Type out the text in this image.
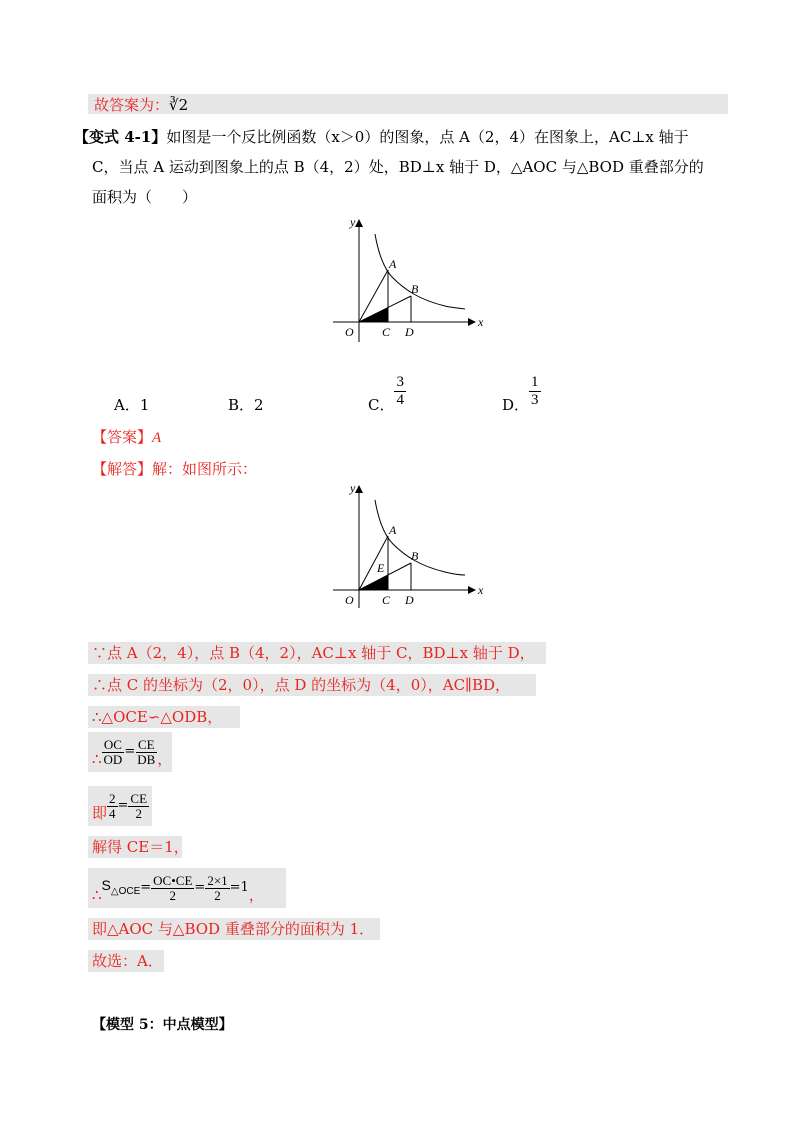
故答案为：∛2
【变式 4-1】如图是一个反比例函数（x＞0）的图象，点 A（2，4）在图象上，AC⊥x 轴于
C，当点 A 运动到图象上的点 B（4，2）处，BD⊥x 轴于 D，△AOC 与△BOD 重叠部分的
面积为（　　）
y
x
O
A
B
C D
A．1	B．2	C． $\frac{3}{4}$	D． $\frac{1}{3}$
【答案】A
【解答】解：如图所示：
y
x
O
A
B
C D
E
∵点 A（2，4），点 B（4，2），AC⊥x 轴于 C，BD⊥x 轴于 D，
∴点 C 的坐标为（2，0），点 D 的坐标为（4，0），AC∥BD，
∴△OCE∽△ODB，
∴ $\frac{OC}{OD} = \frac{CE}{DB}$ ，
即 $\frac{2}{4} = \frac{CE}{2}$
解得 CE＝1，
∴
$S_{\triangle OCE} = \frac{OC•CE}{2} = \frac{2\times 1}{2} =1$ ，
即△AOC 与△BOD 重叠部分的面积为 1．
故选：A．
【模型 5：中点模型】
